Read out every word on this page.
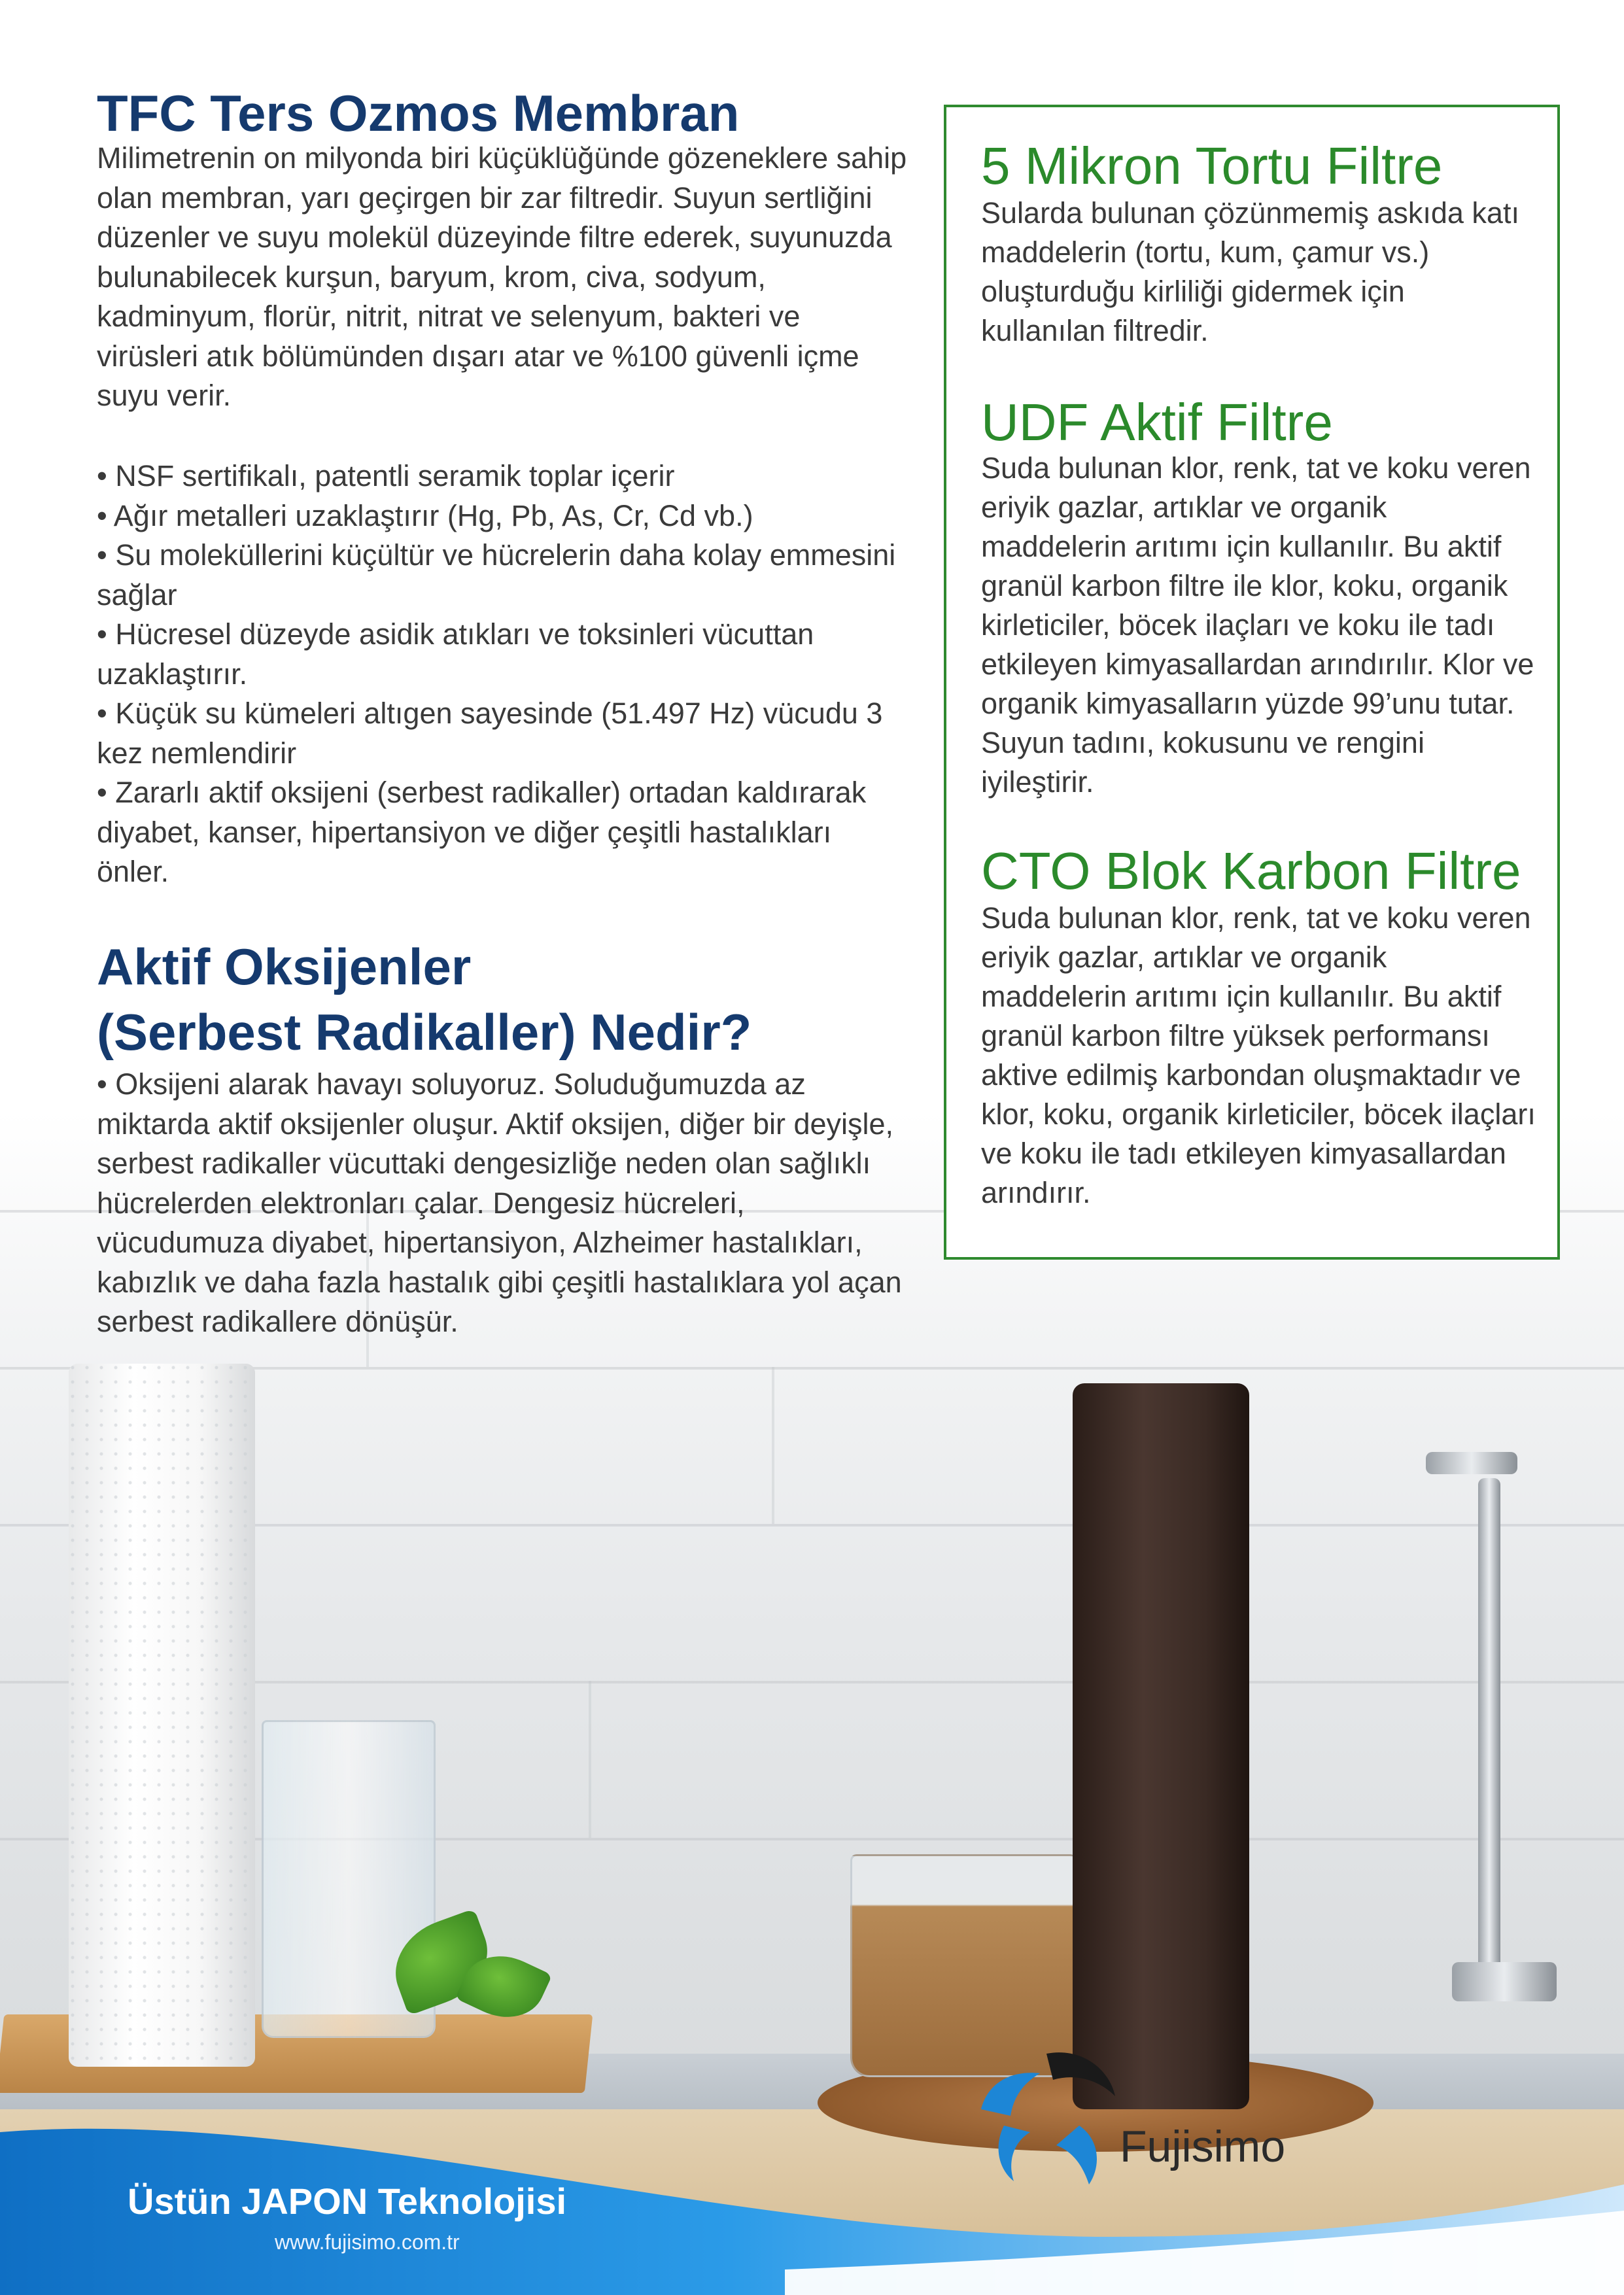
TFC Ters Ozmos Membran
Milimetrenin on milyonda biri küçüklüğünde gözeneklere sahip olan membran, yarı geçirgen bir zar filtredir. Suyun sertliğini düzenler ve suyu molekül düzeyinde filtre ederek, suyunuzda bulunabilecek kurşun, baryum, krom, civa, sodyum, kadminyum, florür, nitrit, nitrat ve selenyum, bakteri ve virüsleri atık bölümünden dışarı atar ve %100 güvenli içme suyu verir.
• NSF sertifikalı, patentli seramik toplar içerir
• Ağır metalleri uzaklaştırır (Hg, Pb, As, Cr, Cd vb.)
• Su moleküllerini küçültür ve hücrelerin daha kolay emmesini sağlar
• Hücresel düzeyde asidik atıkları ve toksinleri vücuttan uzaklaştırır.
• Küçük su kümeleri altıgen sayesinde (51.497 Hz) vücudu 3 kez nemlendirir
• Zararlı aktif oksijeni (serbest radikaller) ortadan kaldırarak diyabet, kanser, hipertansiyon ve diğer çeşitli hastalıkları önler.
Aktif Oksijenler
(Serbest Radikaller) Nedir?
• Oksijeni alarak havayı soluyoruz. Soluduğumuzda az miktarda aktif oksijenler oluşur. Aktif oksijen, diğer bir deyişle, serbest radikaller vücuttaki dengesizliğe neden olan sağlıklı hücrelerden elektronları çalar. Dengesiz hücreleri, vücudumuza diyabet, hipertansiyon, Alzheimer hastalıkları, kabızlık ve daha fazla hastalık gibi çeşitli hastalıklara yol açan serbest radikallere dönüşür.
5 Mikron Tortu Filtre
Sularda bulunan çözünmemiş askıda katı maddelerin (tortu, kum, çamur vs.) oluşturduğu kirliliği gidermek için kullanılan filtredir.
UDF Aktif Filtre
Suda bulunan klor, renk, tat ve koku veren eriyik gazlar, artıklar ve organik maddelerin arıtımı için kullanılır. Bu aktif granül karbon filtre ile klor, koku, organik kirleticiler, böcek ilaçları ve koku ile tadı etkileyen kimyasallardan arındırılır. Klor ve organik kimyasalların yüzde 99’unu tutar. Suyun tadını, kokusunu ve rengini iyileştirir.
CTO Blok Karbon Filtre
Suda bulunan klor, renk, tat ve koku veren eriyik gazlar, artıklar ve organik maddelerin arıtımı için kullanılır. Bu aktif granül karbon filtre yüksek performansı aktive edilmiş karbondan oluşmaktadır ve klor, koku, organik kirleticiler, böcek ilaçları ve koku ile tadı etkileyen kimyasallardan arındırır.

Üstün JAPON Teknolojisi

www.fujisimo.com.tr
Fujisimo
